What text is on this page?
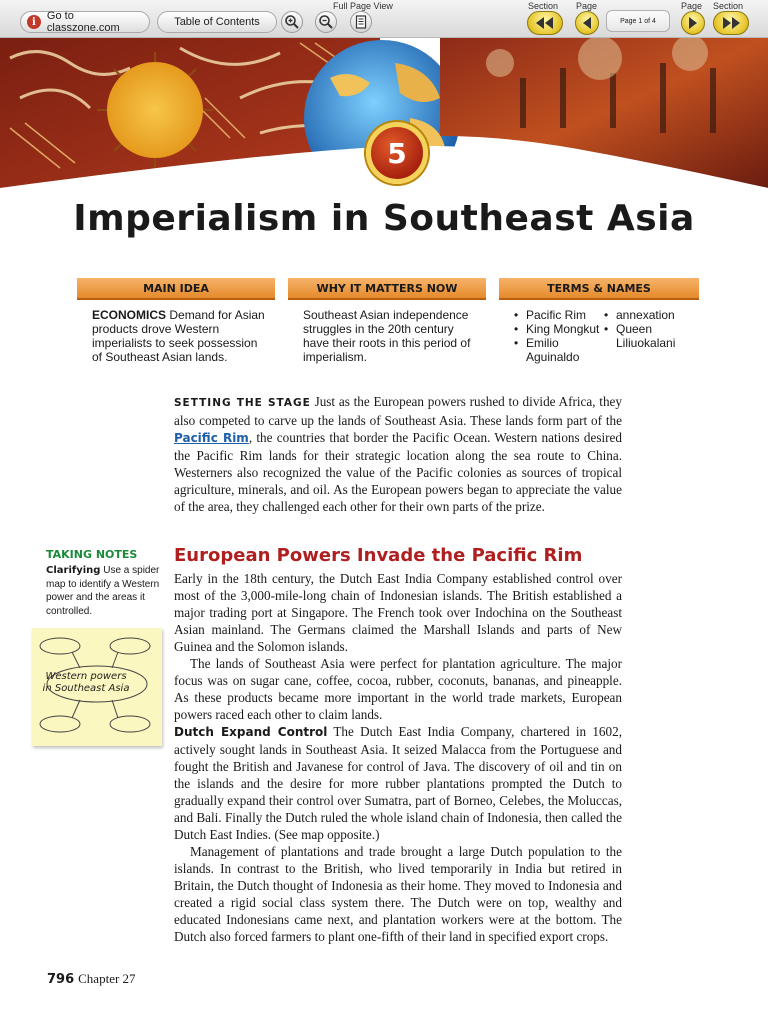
i	Go to classzone.com	Table of Contents
Full Page View	Section Page
Page 1 of 4
Page Section
5
Imperialism in Southeast Asia
MAIN IDEA	WHY IT MATTERS NOW	TERMS & NAMES
ECONOMICS Demand for Asian products drove Western imperialists to seek possession of Southeast Asian lands.
Southeast Asian independence struggles in the 20th century have their roots in this period of imperialism.
• Pacific Rim
• King Mongkut
• Emilio Aguinaldo
• annexation
• Queen Liliuokalani

SETTING THE STAGE Just as the European powers rushed to divide Africa, they also competed to carve up the lands of Southeast Asia. These lands form part of the Pacific Rim, the countries that border the Pacific Ocean. Western nations desired the Pacific Rim lands for their strategic location along the sea route to China. Westerners also recognized the value of the Pacific colonies as sources of tropical agriculture, minerals, and oil. As the European powers began to appreciate the value of the area, they challenged each other for their own parts of the prize.

TAKING NOTES
Clarifying Use a spider map to identify a Western power and the areas it controlled.
Western powers in Southeast Asia
European Powers Invade the Pacific Rim

Early in the 18th century, the Dutch East India Company established control over most of the 3,000-mile-long chain of Indonesian islands. The British established a major trading port at Singapore. The French took over Indochina on the Southeast Asian mainland. The Germans claimed the Marshall Islands and parts of New Guinea and the Solomon islands.

The lands of Southeast Asia were perfect for plantation agriculture. The major focus was on sugar cane, coffee, cocoa, rubber, coconuts, bananas, and pineapple. As these products became more important in the world trade markets, European powers raced each other to claim lands.

Dutch Expand Control The Dutch East India Company, chartered in 1602, actively sought lands in Southeast Asia. It seized Malacca from the Portuguese and fought the British and Javanese for control of Java. The discovery of oil and tin on the islands and the desire for more rubber plantations prompted the Dutch to gradually expand their control over Sumatra, part of Borneo, Celebes, the Moluccas, and Bali. Finally the Dutch ruled the whole island chain of Indonesia, then called the Dutch East Indies. (See map opposite.)

Management of plantations and trade brought a large Dutch population to the islands. In contrast to the British, who lived temporarily in India but retired in Britain, the Dutch thought of Indonesia as their home. They moved to Indonesia and created a rigid social class system there. The Dutch were on top, wealthy and educated Indonesians came next, and plantation workers were at the bottom. The Dutch also forced farmers to plant one-fifth of their land in specified export crops.

796 Chapter 27
